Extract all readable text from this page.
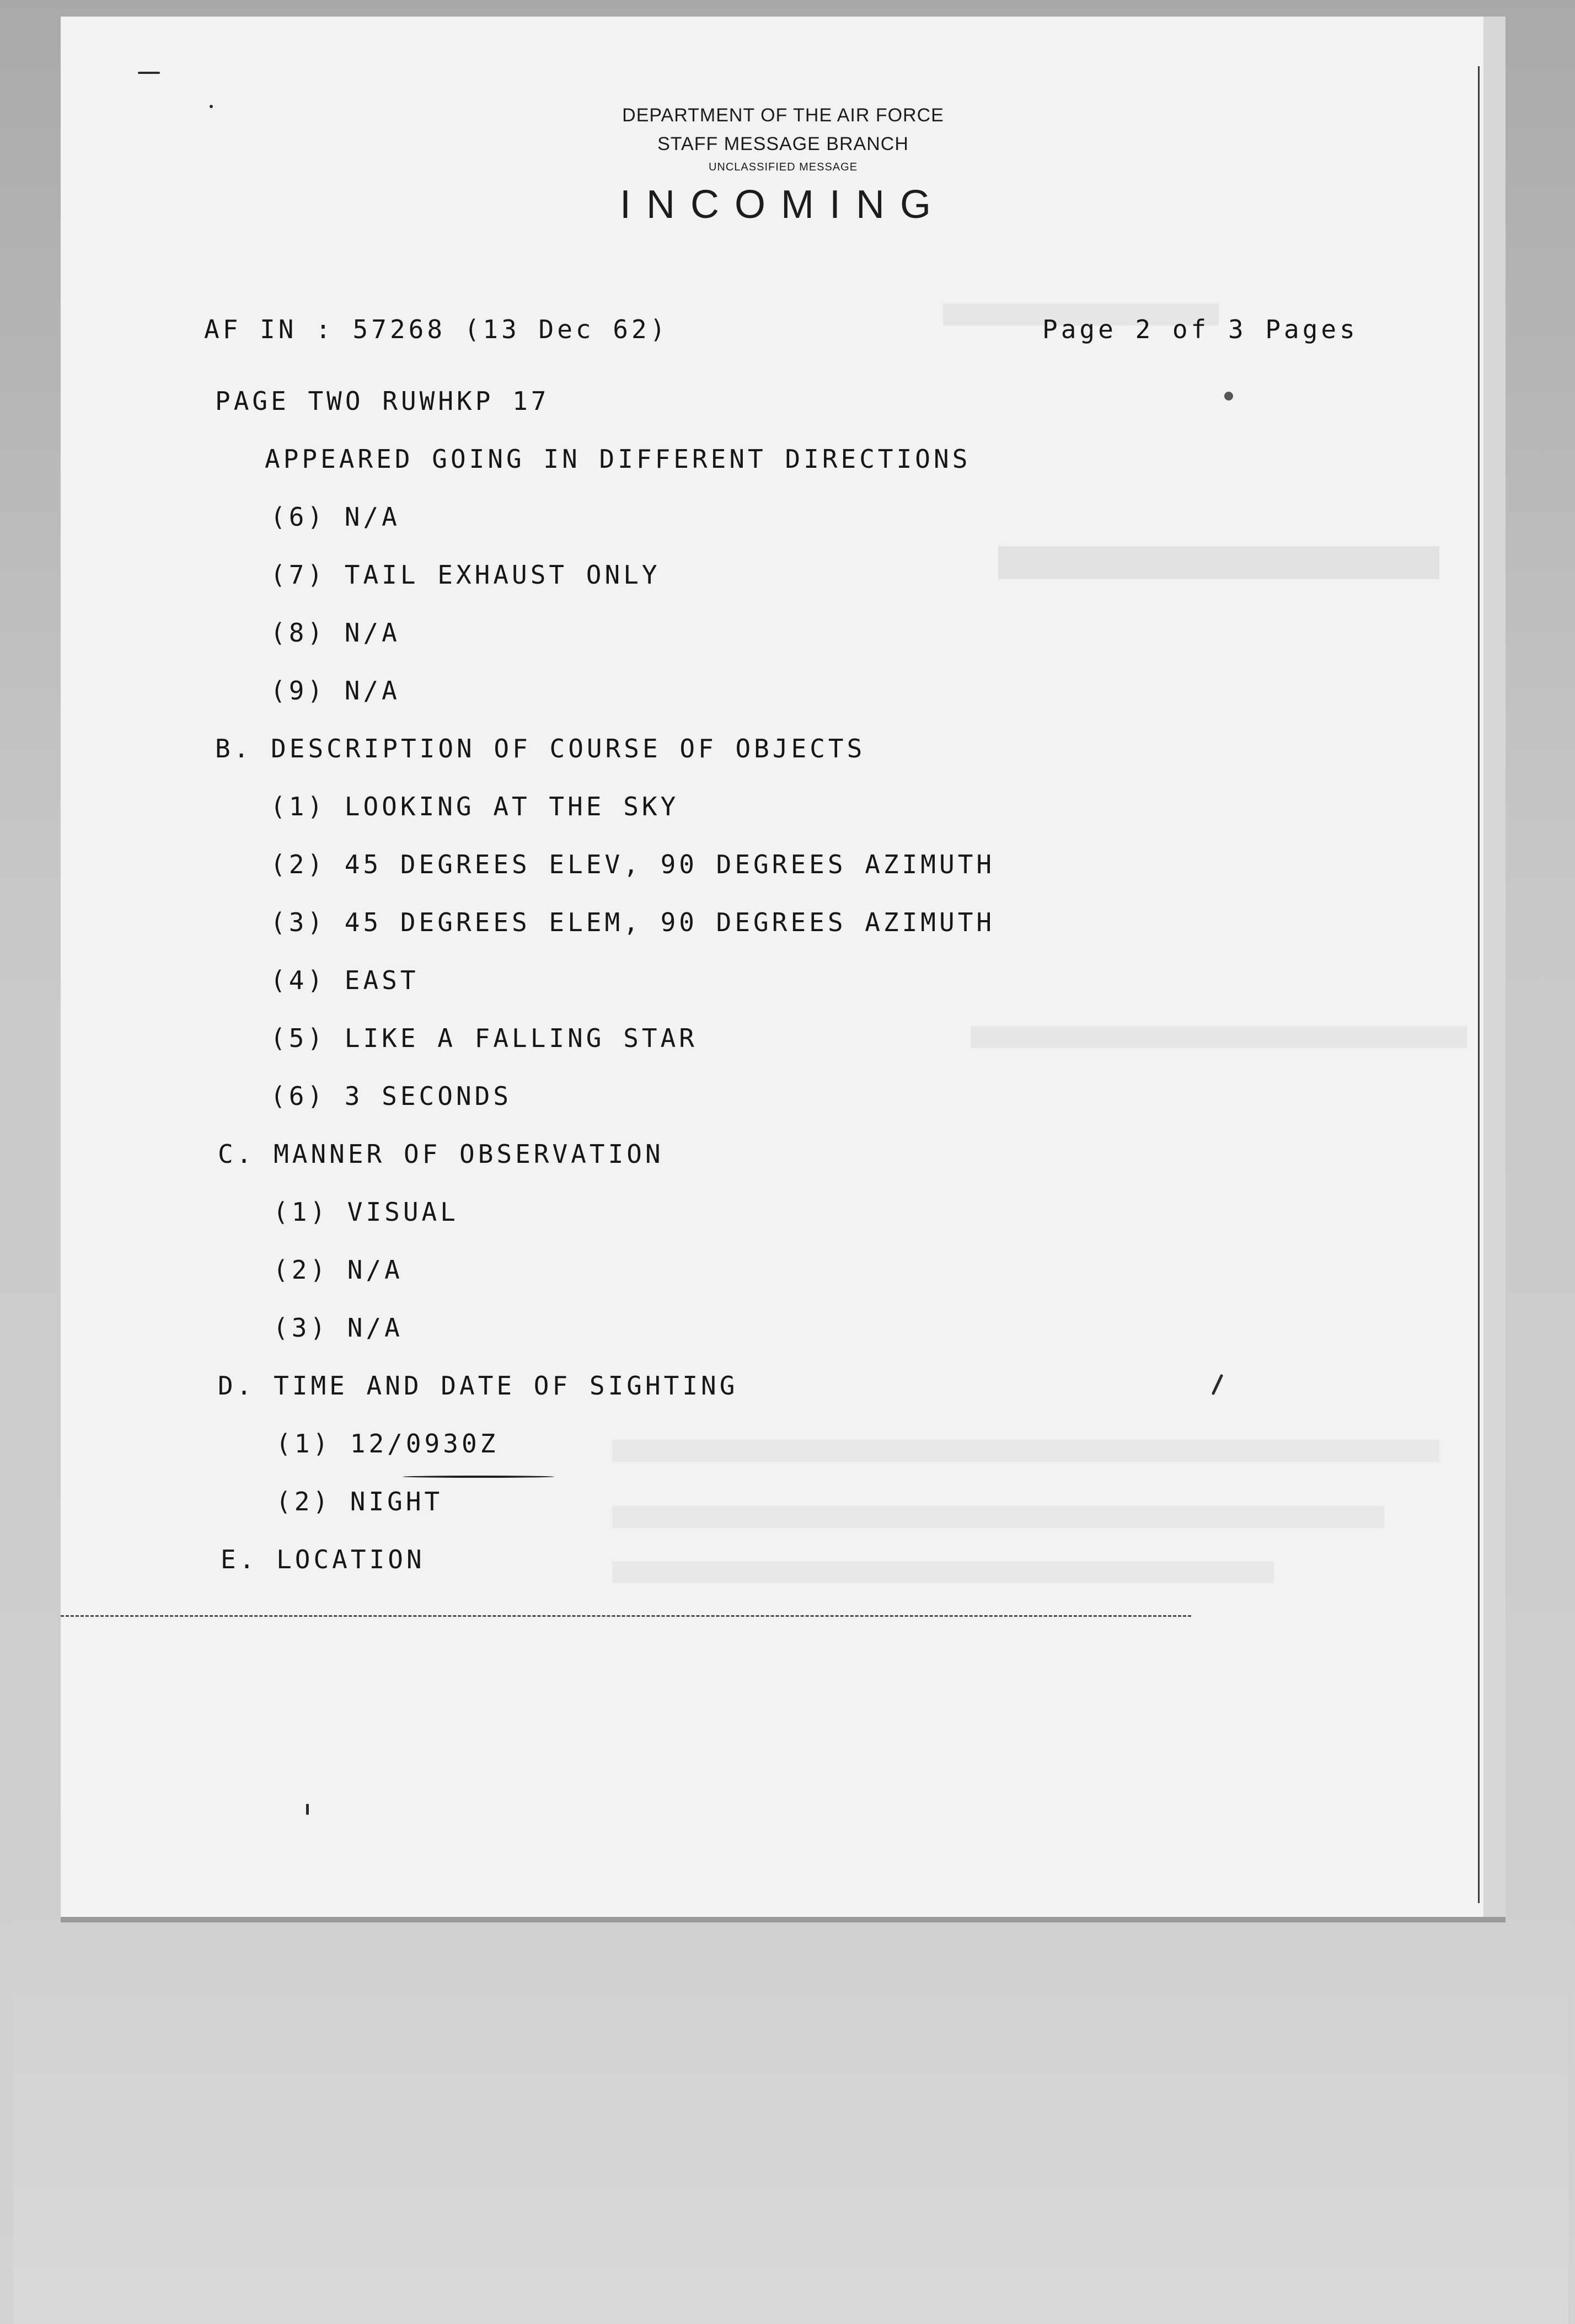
DEPARTMENT OF THE AIR FORCE
STAFF MESSAGE BRANCH
UNCLASSIFIED MESSAGE
INCOMING
AF IN : 57268 (13 Dec 62)	Page 2 of 3 Pages
PAGE TWO RUWHKP 17
APPEARED GOING IN DIFFERENT DIRECTIONS
(6) N/A
(7) TAIL EXHAUST ONLY
(8) N/A
(9) N/A
B. DESCRIPTION OF COURSE OF OBJECTS
(1) LOOKING AT THE SKY
(2) 45 DEGREES ELEV, 90 DEGREES AZIMUTH
(3) 45 DEGREES ELEM, 90 DEGREES AZIMUTH
(4) EAST
(5) LIKE A FALLING STAR
(6) 3 SECONDS
C. MANNER OF OBSERVATION
(1) VISUAL
(2) N/A
(3) N/A
D. TIME AND DATE OF SIGHTING
(1) 12/0930Z
(2) NIGHT
E. LOCATION
